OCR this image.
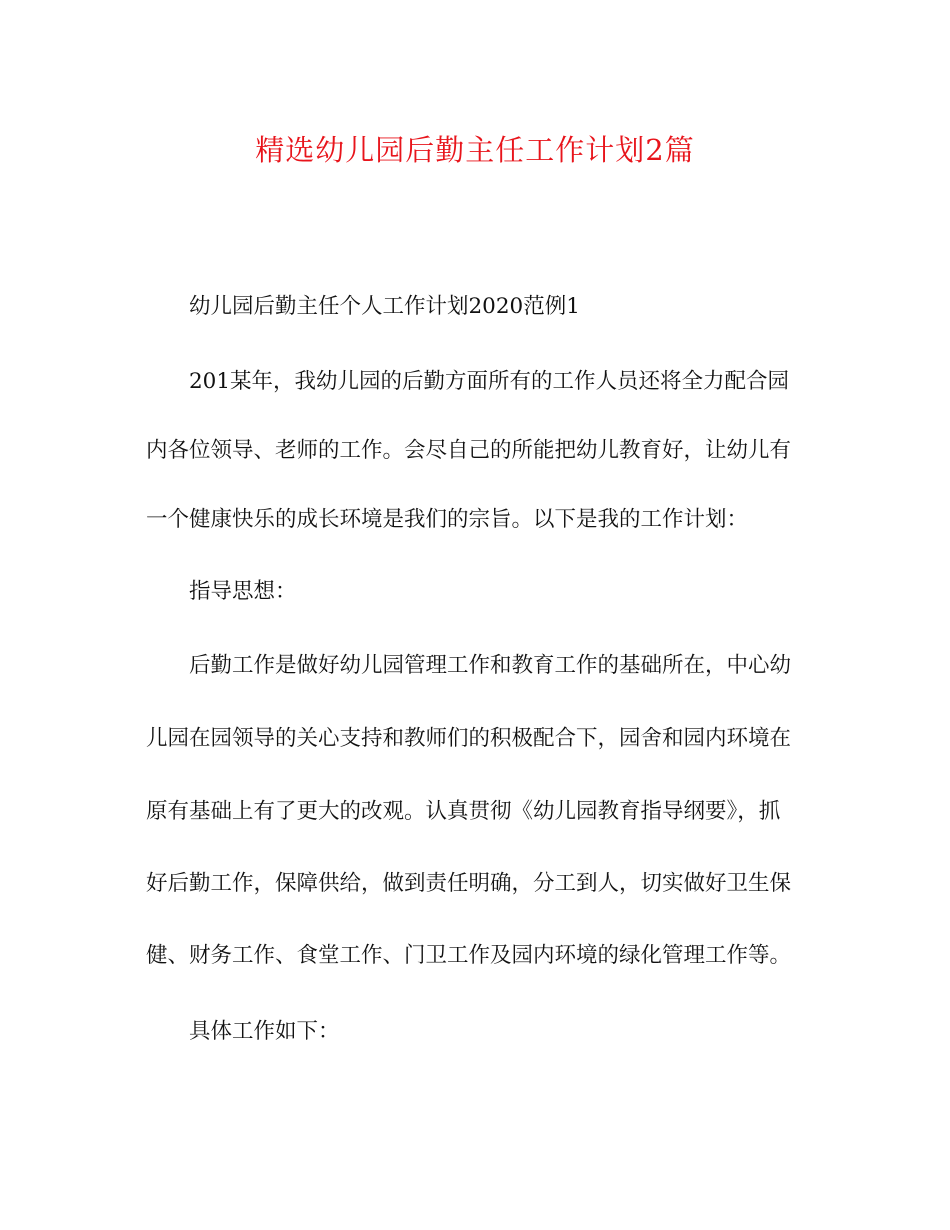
精选幼儿园后勤主任工作计划2篇

幼儿园后勤主任个人工作计划2020范例1

201某年，我幼儿园的后勤方面所有的工作人员还将全力配合园

内各位领导、老师的工作。会尽自己的所能把幼儿教育好，让幼儿有

一个健康快乐的成长环境是我们的宗旨。以下是我的工作计划：

指导思想：

后勤工作是做好幼儿园管理工作和教育工作的基础所在，中心幼

儿园在园领导的关心支持和教师们的积极配合下，园舍和园内环境在

原有基础上有了更大的改观。认真贯彻《幼儿园教育指导纲要》，抓

好后勤工作，保障供给，做到责任明确，分工到人，切实做好卫生保

健、财务工作、食堂工作、门卫工作及园内环境的绿化管理工作等。

具体工作如下：
